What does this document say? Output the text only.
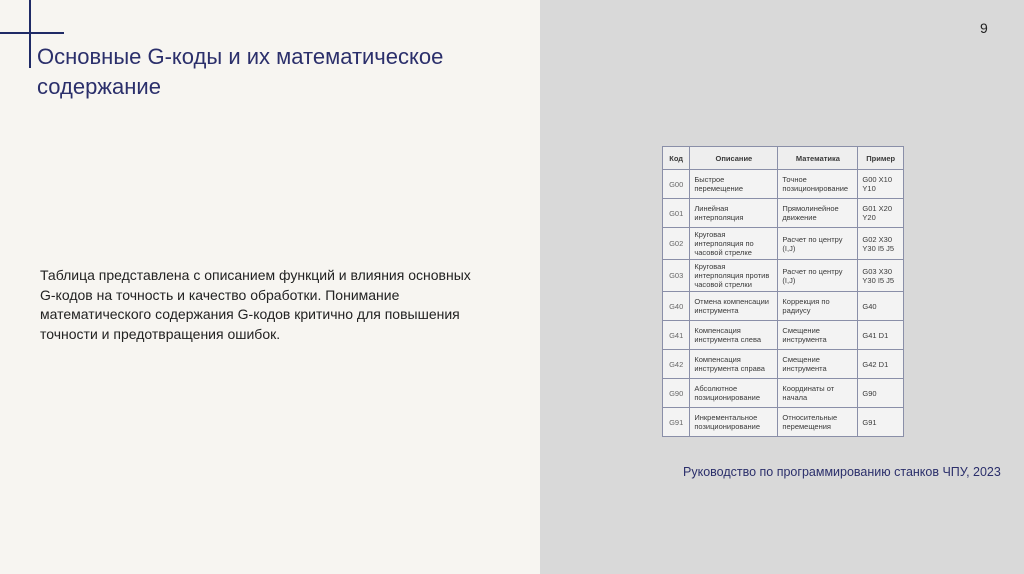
Основные G-коды и их математическое содержание
Таблица представлена с описанием функций и влияния основных G-кодов на точность и качество обработки. Понимание математического содержания G-кодов критично для повышения точности и предотвращения ошибок.
9
Код	Описание	Математика	Пример
G00	Быстрое перемещение	Точное позиционирование	G00 X10 Y10
G01	Линейная интерполяция	Прямолинейное движение	G01 X20 Y20
G02	Круговая интерполяция по часовой стрелке	Расчет по центру (I,J)	G02 X30 Y30 I5 J5
G03	Круговая интерполяция против часовой стрелки	Расчет по центру (I,J)	G03 X30 Y30 I5 J5
G40	Отмена компенсации инструмента	Коррекция по радиусу	G40
G41	Компенсация инструмента слева	Смещение инструмента	G41 D1
G42	Компенсация инструмента справа	Смещение инструмента	G42 D1
G90	Абсолютное позиционирование	Координаты от начала	G90
G91	Инкрементальное позиционирование	Относительные перемещения	G91
Руководство по программированию станков ЧПУ, 2023
